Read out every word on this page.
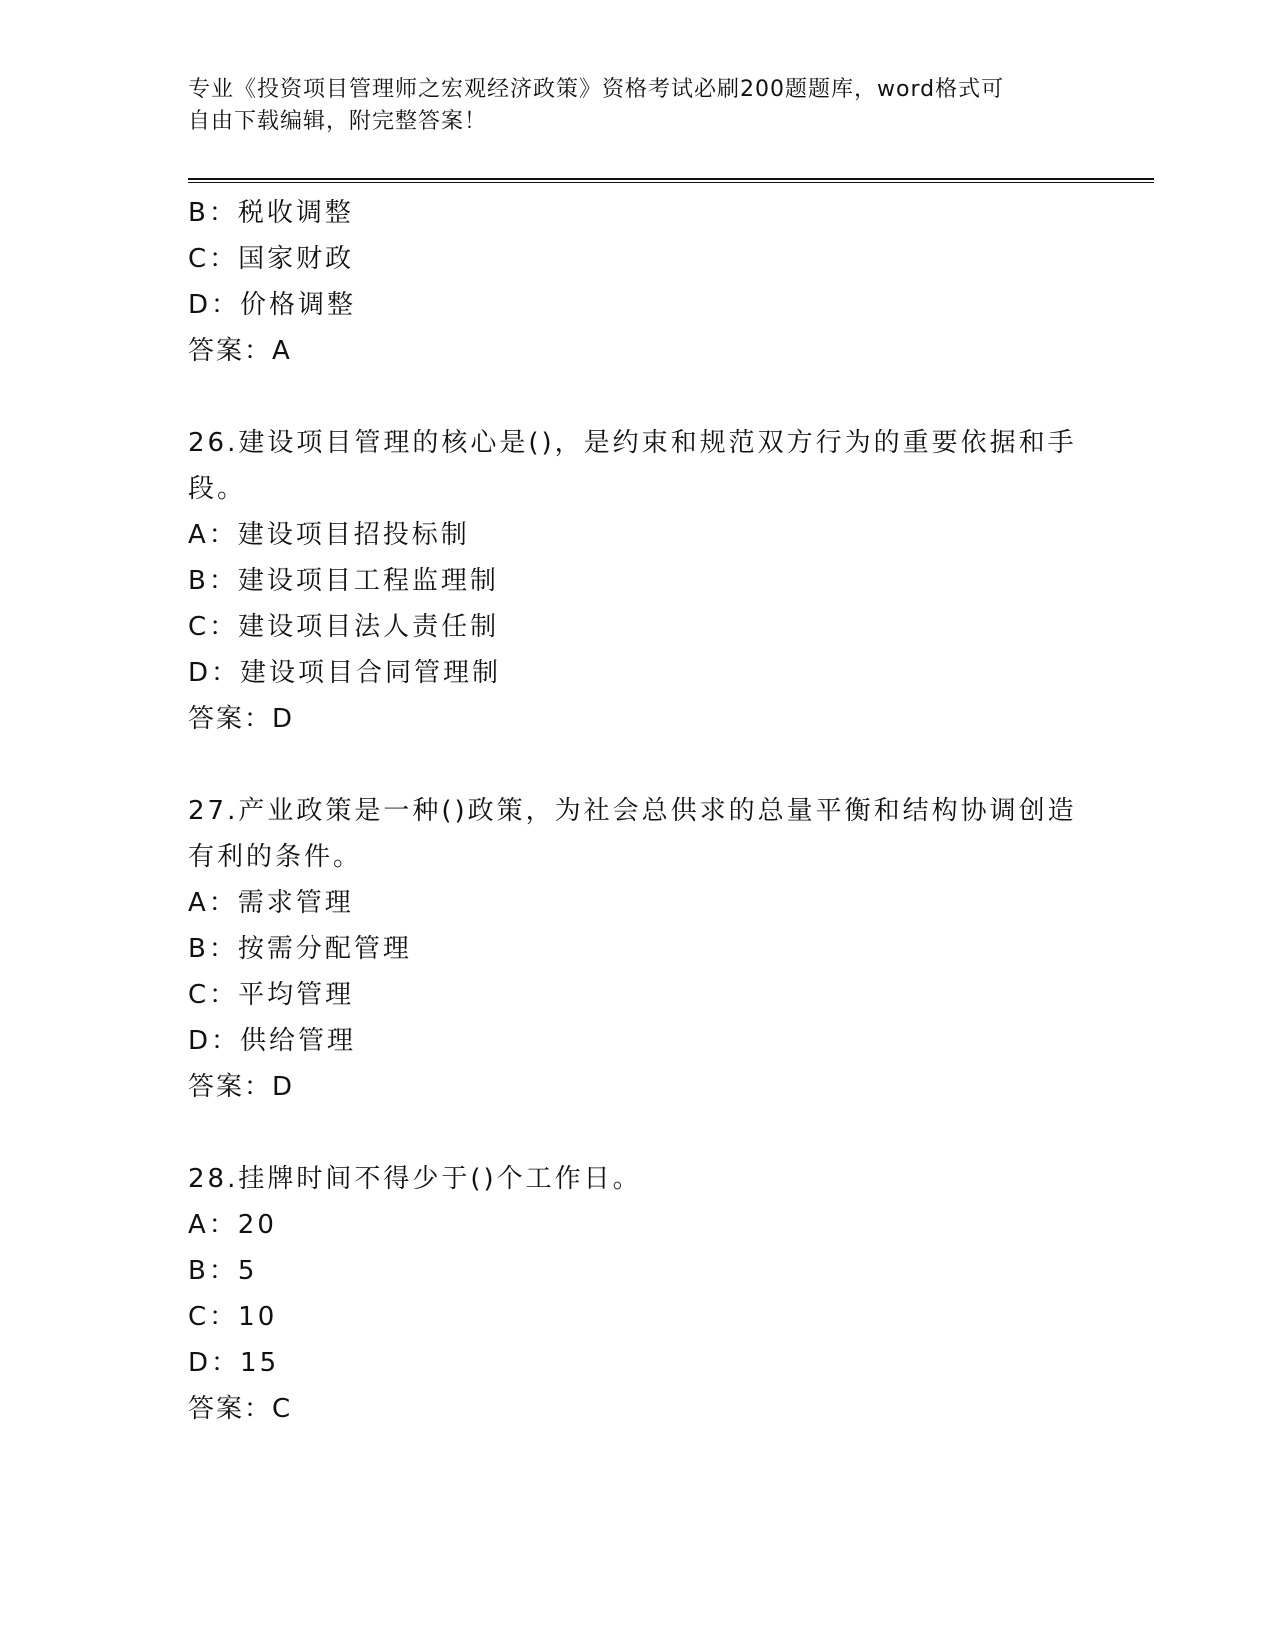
专业《投资项目管理师之宏观经济政策》资格考试必刷200题题库，word格式可
自由下载编辑，附完整答案！
B：税收调整
C：国家财政
D：价格调整
答案：A
26.建设项目管理的核心是()，是约束和规范双方行为的重要依据和手段。
A：建设项目招投标制
B：建设项目工程监理制
C：建设项目法人责任制
D：建设项目合同管理制
答案：D
27.产业政策是一种()政策，为社会总供求的总量平衡和结构协调创造有利的条件。
A：需求管理
B：按需分配管理
C：平均管理
D：供给管理
答案：D
28.挂牌时间不得少于()个工作日。
A：20
B：5
C：10
D：15
答案：C
